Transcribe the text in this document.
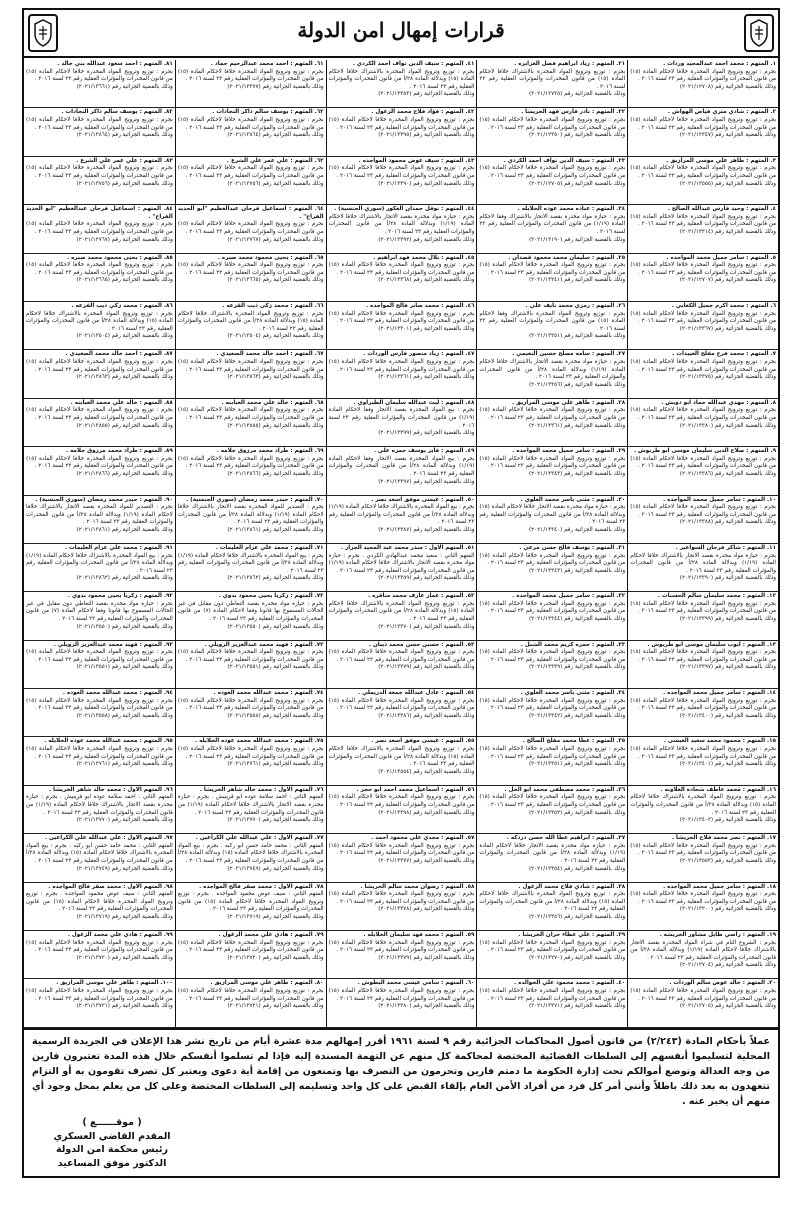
قرارات إمهال امن الدولة
١. المتهم : محمد احمد عبدالمجيد ورداث .
بجرم : توزيع وترويج المواد المخدرة خلافا لاحكام المادة (١٥) من قانون المخدرات والمؤثرات العقلية رقم ٢٣ لسنة ٢٠١٦ .
وذلك بالقضية الجزائية رقم (٢٠٢١/١٢٧٠٨)
٢. المتهم : شادي متري فياض الهواش .
بجرم : توزيع وترويج المواد المخدرة خلافا لاحكام المادة (١٥) من قانون المخدرات والمؤثرات العقلية رقم ٢٣ لسنة ٢٠١٦ .
وذلك بالقضية الجزائية رقم (٢٠٢١/١٢٣٤٧)
٣. المتهم : طاهر علي موسى المرازيق .
بجرم : توزيع وترويج المواد المخدرة خلافا لاحكام المادة (١٥) من قانون المخدرات والمؤثرات العقلية رقم ٢٣ لسنة ٢٠١٦ .
وذلك بالقضية الجزائية رقم (٢٠٢١/١٣٥٥٥)
٤. المتهم : وحيد فارس عبدالله الصالح .
بجرم : توزيع وترويج المواد المخدرة خلافا لاحكام المادة (١٥) من قانون المخدرات والمؤثرات العقلية رقم ٢٣ لسنة ٢٠١٦ .
وذلك بالقضية الجزائية رقم (٢٠٢١/١٣٣١٤)
٥. المتهم : سامر جميل محمد المواجده .
بجرم : توزيع وترويج المواد المخدرة خلافا لاحكام المادة (١٥) من قانون المخدرات والمؤثرات العقلية رقم ٢٣ لسنة ٢٠١٦ .
وذلك بالقضية الجزائية رقم (٢٠٢١/١٢٧٠٧)
٦. المتهم : محمد اكرم جميل الكعابي .
بجرم : توزيع وترويج المواد المخدرة خلافا لاحكام المادة (١٥) من قانون المخدرات والمؤثرات العقلية رقم ٢٣ لسنة ٢٠١٦ .
وذلك بالقضية الجزائية رقم (٢٠٢١/١٣٣٦٧)
٧. المتهم : محمد فرج مفلح العبيدات .
بجرم : توزيع وترويج المواد المخدرة خلافا لاحكام المادة (١٥) من قانون المخدرات والمؤثرات العقلية رقم ٢٣ لسنة ٢٠١٦ .
وذلك بالقضية الجزائية رقم (٢٠٢١/١٣٣٧٥)
٨. المتهم : مهدي عبدالله حماد ابو دويش .
بجرم : توزيع وترويج المواد المخدرة خلافا لاحكام المادة (١٥) من قانون المخدرات والمؤثرات العقلية رقم ٢٣ لسنة ٢٠١٦ .
وذلك بالقضية الجزائية رقم (٢٠٢١/١٣٣٨٠)
٩. المتهم : صلاح الدين سليمان موسى ابو طربوش .
بجرم : توزيع وترويج المواد المخدرة خلافا لاحكام المادة (١٥) من قانون المخدرات والمؤثرات العقلية رقم ٢٣ لسنة ٢٠١٦ .
وذلك بالقضية الجزائية رقم (٢٠٢١/١٣٣٨٦)
١٠. المتهم : سامر جميل محمد المواجده .
بجرم : توزيع وترويج المواد المخدرة خلافا لاحكام المادة (١٥) من قانون المخدرات والمؤثرات العقلية رقم ٢٣ لسنة ٢٠١٦ .
وذلك بالقضية الجزائية رقم (٢٠٢١/١٣٣٨٨)
١١. المتهم : شاكر فرحان السواعير .
بجرم : حيازة مواد مخدرة بقصد الاتجار بالاشتراك خلافا لاحكام المادة (١/١٩) وبدلالة المادة ٢٨/أ من قانون المخدرات والمؤثرات العقلية رقم ٢٣ لسنة ٢٠١٦ .
وذلك بالقضية الجزائية رقم (٢٠٢١/١٣٣٩٠)
١٢. المتهم : محمد سليمان سالم الحسنات .
بجرم : توزيع وترويج المواد المخدرة خلافا لاحكام المادة (١٥) من قانون المخدرات والمؤثرات العقلية رقم ٢٣ لسنة ٢٠١٦ .
وذلك بالقضية الجزائية رقم (٢٠٢١/١٣٣٩٩)
١٣. المتهم : ايوب سليمان موسى ابو طربوش .
بجرم : توزيع وترويج المواد المخدرة خلافا لاحكام المادة (١٥) من قانون المخدرات والمؤثرات العقلية رقم ٢٣ لسنة ٢٠١٦ .
وذلك بالقضية الجزائية رقم (٢٠٢١/١٣٣٩٧)
١٤. المتهم : سامر جميل محمد المواجده .
بجرم : توزيع وترويج المواد المخدرة خلافا لاحكام المادة (١٥) من قانون المخدرات والمؤثرات العقلية رقم ٢٣ لسنة ٢٠١٦ .
وذلك بالقضية الجزائية رقم (٢٠٢١/١٣٤٠٠)
١٥. المتهم : محمود محمد سعيد العيسى .
بجرم : توزيع وترويج المواد المخدرة خلافا لاحكام المادة (١٥) من قانون المخدرات والمؤثرات العقلية رقم ٢٣ لسنة ٢٠١٦ .
وذلك بالقضية الجزائية رقم (٢٠٢١/١٣٤٠١)
١٦. المتهم : محمد عاطف شحادة العلاونه .
بجرم : توزيع وترويج المواد المخدرة بالاشتراك خلافا لاحكام المادة (١٥) وبدلالة المادة ٢٨/أ من قانون المخدرات والمؤثرات العقلية رقم ٢٣ لسنة ٢٠١٦ .
وذلك بالقضية الجزائية رقم (٢٠٢١/١٣٤٠٣)
١٧. المتهم : نصر محمد فلاح الخريشا .
بجرم : توزيع وترويج المواد المخدرة خلافا لاحكام المادة (١٥) من قانون المخدرات والمؤثرات العقلية رقم ٢٣ لسنة ٢٠١٦ .
وذلك بالقضية الجزائية رقم (٢٠٢١/١٣٥٥٣)
١٨. المتهم : سامر جميل محمد المواجده .
بجرم : توزيع وترويج المواد المخدرة خلافا لاحكام المادة (١٥) من قانون المخدرات والمؤثرات العقلية رقم ٢٣ لسنة ٢٠١٦ .
وذلك بالقضية الجزائية رقم (٢٠٢١/١٣٣٠٠)
١٩. المتهم : راضي طايل مشاور الخريشه .
بجرم : الشروع التام في شراء المواد المخدرة بقصد الاتجار بالاشتراك خلافا لاحكام المادة (١/١٩) وبدلالة المادة ٢٨/أ من قانون المخدرات والمؤثرات العقلية رقم ٢٣ لسنة ٢٠١٦ .
وذلك بالقضية الجزائية رقم (٢٠٢١/١٢٧٠٤)
٢٠. المتهم : خالد عوض سالم الوردات .
بجرم : توزيع وترويج المواد المخدرة خلافا لاحكام المادة (١٥) من قانون المخدرات والمؤثرات العقلية رقم ٢٣ لسنة ٢٠١٦ .
وذلك بالقضية الجزائية رقم (٢٠٢١/١٢٧٠٥)
٢١. المتهم : زياد ابراهيم فضل العزايزه .
بجرم : توزيع وترويج المواد المخدرة بالاشتراك خلافا لاحكام المادة (١٥) من قانون المخدرات والمؤثرات العقلية رقم ٢٣ لسنة ٢٠١٦ .
وذلك بالقضية الجزائية رقم (٢٠٢١/١٢٧٣٥)
٢٢. المتهم : نادر فارس فهد الخريشا .
بجرم : توزيع وترويج المواد المخدرة خلافا لاحكام المادة (١٥) من قانون المخدرات والمؤثرات العقلية رقم ٢٣ لسنة ٢٠١٦ .
وذلك بالقضية الجزائية رقم (٢٠٢١/١٢٣٥٠)
٢٣. المتهم : سيف الدين نواف احمد الكردي .
بجرم : توزيع وترويج المواد المخدرة خلافا لاحكام المادة (١٥) من قانون المخدرات والمؤثرات العقلية رقم ٢٣ لسنة ٢٠١٦ .
وذلك بالقضية الجزائية رقم (٢٠٢١/١٢٧٠٥)
٢٤. المتهم : عباده محمد عوده الخلايله .
بجرم : حيازة مواد مخدرة بقصد الاتجار بالاشتراك وفقا لاحكام المادة (١/١٩) من قانون المخدرات والمؤثرات العقلية رقم ٢٣ لسنة ٢٠١٦ .
وذلك بالقضية الجزائية رقم (٢٠٢١/١٣١٩٠)
٢٥. المتهم : سليمان محمد محمود قصدان .
بجرم : توزيع وترويج المواد المخدرة خلافا لاحكام المادة (١٥) من قانون المخدرات والمؤثرات العقلية رقم ٢٣ لسنة ٢٠١٦ .
وذلك بالقضية الجزائية رقم (٢٠٢١/١٣٢٤١)
٢٦. المتهم : رمزي محمد نايف علي .
بجرم : توزيع وترويج المواد المخدرة بالاشتراك وفقا لاحكام المادة (١٥) من قانون المخدرات والمؤثرات العقلية رقم ٢٣ لسنة ٢٠١٦ .
وذلك بالقضية الجزائية رقم (٢٠٢١/١٣٣٥١)
٢٧. المتهم : سامه مصلح حسين النعيمي .
بجرم : حيازة مواد مخدرة بقصد الاتجار بالاشتراك خلافا لاحكام المادة (١/١٩) وبدلالة المادة ٢٨/أ من قانون المخدرات والمؤثرات العقلية رقم ٢٣ لسنة ٢٠١٦ .
وذلك بالقضية الجزائية رقم (٢٠٢١/١٣٣٥٦)
٢٨. المتهم : طاهر علي موسى المرازيق .
بجرم : توزيع وترويج المواد المخدرة خلافا لاحكام المادة (١٥) من قانون المخدرات والمؤثرات العقلية رقم ٢٣ لسنة ٢٠١٦ .
وذلك بالقضية الجزائية رقم (٢٠٢١/١٣٣٦١)
٢٩. المتهم : سامر جميل محمد المواجده .
بجرم : توزيع وترويج المواد المخدرة خلافا لاحكام المادة (١٥) من قانون المخدرات والمؤثرات العقلية رقم ٢٣ لسنة ٢٠١٦ .
وذلك بالقضية الجزائية رقم (٢٠٢١/١٣٣٤٣)
٣٠. المتهم : مثنى ياسر محمد العلوي .
بجرم : حيازة مواد مخدرة بقصد الاتجار خلافا لاحكام المادة (١٥) وبدلالة المادة ٢٨/أ من قانون المخدرات والمؤثرات العقلية رقم ٢٣ لسنة ٢٠١٦ .
وذلك بالقضية الجزائية رقم (٢٠٢١/١٣٣٤٠)
٣١. المتهم : يوسف فالح حسن مرعي .
بجرم : توزيع وترويج المواد المخدرة خلافا لاحكام المادة (١٥) من قانون المخدرات والمؤثرات العقلية رقم ٢٣ لسنة ٢٠١٦ .
وذلك بالقضية الجزائية رقم (٢٠٢١/١٣٣٤٣)
٣٢. المتهم : سامر جميل محمد المواجده .
بجرم : توزيع وترويج المواد المخدرة خلافا لاحكام المادة (١٥) من قانون المخدرات والمؤثرات العقلية رقم ٢٣ لسنة ٢٠١٦ .
وذلك بالقضية الجزائية رقم (٢٠٢١/١٣٣٤٤)
٣٣. المتهم : حمزه كريم محمد الشبل .
بجرم : توزيع وترويج المواد المخدرة خلافا لاحكام المادة (١٥) من قانون المخدرات والمؤثرات العقلية رقم ٢٣ لسنة ٢٠١٦ .
وذلك بالقضية الجزائية رقم (٢٠٢١/١٣٣٣٩)
٣٤. المتهم : مثنى ياسر محمد العلوي .
بجرم : توزيع وترويج المواد المخدرة خلافا لاحكام المادة (١٥) من قانون المخدرات والمؤثرات العقلية رقم ٢٣ لسنة ٢٠١٦ .
وذلك بالقضية الجزائية رقم (٢٠٢١/١٣٣٤٢)
٣٥. المتهم : عطا محمد مفلح الصالح .
بجرم : توزيع وترويج المواد المخدرة خلافا لاحكام المادة (١٥) من قانون المخدرات والمؤثرات العقلية رقم ٢٣ لسنة ٢٠١٦ .
وذلك بالقضية الجزائية رقم (٢٠٢١/١٣٣٥١)
٣٦. المتهم : محمد مصطفى محمد ابو الخل .
بجرم : توزيع وترويج المواد المخدرة خلافا لاحكام المادة (١٥) من قانون المخدرات والمؤثرات العقلية رقم ٢٣ لسنة ٢٠١٦ .
وذلك بالقضية الجزائية رقم (٢٠٢١/١٣٣٥٢)
٣٧. المتهم : ابراهيم عطا الله حسن دردكه .
بجرم : حيازة مواد مخدرة بقصد الاتجار خلافا لاحكام المادة (١/١٩) وبدلالة المادة ٢٨/أ من قانون المخدرات والمؤثرات العقلية رقم ٢٣ لسنة ٢٠١٦ .
وذلك بالقضية الجزائية رقم (٢٠٢١/١٣٣٥٤)
٣٨. المتهم : شادي فلاح محمد الزغول .
بجرم : توزيع وترويج المواد المخدرة بالاشتراك خلافا لاحكام المادة (١٥) وبدلالة المادة ٢٨/أ من قانون المخدرات والمؤثرات العقلية رقم ٢٣ لسنة ٢٠١٦ .
وذلك بالقضية الجزائية رقم (٢٠٢١/١٣٣٥٦)
٣٩. المتهم : علي عطاء حران الخريشا .
بجرم : توزيع وترويج المواد المخدرة خلافا لاحكام المادة (١٥) من قانون المخدرات والمؤثرات العقلية رقم ٢٣ لسنة ٢٠١٦ .
وذلك بالقضية الجزائية رقم (٢٠٢١/١٣٢٧٠)
٤٠. المتهم : محمد محمود علي الخوالده .
بجرم : توزيع وترويج المواد المخدرة خلافا لاحكام المادة (١٥) من قانون المخدرات والمؤثرات العقلية رقم ٢٣ لسنة ٢٠١٦ .
وذلك بالقضية الجزائية رقم (٢٠٢١/١٣٣٧١)
٤١. المتهم : سيف الدين نواف احمد الكردي .
بجرم : توزيع وترويج المواد المخدرة بالاشتراك خلافا لاحكام المادة (١٥) وبدلالة المادة ٢٨/أ من قانون المخدرات والمؤثرات العقلية رقم ٢٣ لسنة ٢٠١٦ .
وذلك بالقضية الجزائية رقم (٢٠٢١/١٣٣٥٣)
٤٢. المتهم : فؤاد فلاح محمد الزغول .
بجرم : توزيع وترويج المواد المخدرة خلافا لاحكام المادة (١٥) من قانون المخدرات والمؤثرات العقلية رقم ٢٣ لسنة ٢٠١٦ .
وذلك بالقضية الجزائية رقم (٢٠٢١/١٣٣٩٥)
٤٣. المتهم : سيف عوض محمود المواجده .
بجرم : توزيع وترويج المواد المخدرة خلافا لاحكام المادة (١٥) من قانون المخدرات والمؤثرات العقلية رقم ٢٣ لسنة ٢٠١٦ .
وذلك بالقضية الجزائية رقم (٢٠٢١/١٣٣٩٠)
٤٤. المتهم : نوفل حمدان العكور (سوري الجنسية) .
بجرم : حيازة مواد مخدرة بقصد الاتجار بالاشتراك خلافا لاحكام المادة (١/١٩) وبدلالة المادة ٢٨/أ من قانون المخدرات والمؤثرات العقلية رقم ٢٣ لسنة ٢٠١٦ .
وذلك بالقضية الجزائية رقم (٢٠٢١/١٣٣٩٢)
٤٥. المتهم : بلال محمد فهد ابراهيم .
بجرم : توزيع وترويج المواد المخدرة خلافا لاحكام المادة (١٥) من قانون المخدرات والمؤثرات العقلية رقم ٢٣ لسنة ٢٠١٦ .
وذلك بالقضية الجزائية رقم (٢٠٢١/١٣٣٦٨)
٤٦. المتهم : محمد صابر فالح المواجده .
بجرم : توزيع وترويج المواد المخدرة خلافا لاحكام المادة (١٥) من قانون المخدرات والمؤثرات العقلية رقم ٢٣ لسنة ٢٠١٦ .
وذلك بالقضية الجزائية رقم (٢٠٢١/١٣٣٠١)
٤٧. المتهم : زياد منصور فارس الوردات .
بجرم : توزيع وترويج المواد المخدرة خلافا لاحكام المادة (١٥) من قانون المخدرات والمؤثرات العقلية رقم ٢٣ لسنة ٢٠١٦ .
وذلك بالقضية الجزائية رقم (٢٠٢١/١٣٣٦١)
٤٨. المتهم : ليث عبدالله سليمان الطيراوي .
بجرم : بيع المواد المخدرة بقصد الاتجار وفقا لاحكام المادة (١/١٩) من قانون المخدرات والمؤثرات العقلية رقم ٢٣ لسنة ٢٠١٦ .
وذلك بالقضية الجزائية رقم (٢٠٢١/١٣٣٩٩)
٤٩. المتهم : فايز يوسف حمزه علي .
بجرم : بيع المواد المخدرة بقصد الاتجار وفقا لاحكام المادة (١/١٩) وبدلالة المادة ٢٨/أ من قانون المخدرات والمؤثرات العقلية رقم ٢٣ لسنة ٢٠١٦ .
وذلك بالقضية الجزائية رقم (٢٠٢١/١٣٣٩٧)
٥٠. المتهم : عيسى موفق اسعد نصر .
بجرم : بيع المواد المخدرة بالاشتراك خلافا لاحكام المادة (١/١٩) وبدلالة المادة ٢٨/أ من قانون المخدرات والمؤثرات العقلية رقم ٢٣ لسنة ٢٠١٦ .
وذلك بالقضية الجزائية رقم (٢٠٢١/١٣٣٨٧)
٥١. المتهم الاول : منذر محمد عبد المجيد الجزار .
المتهم الثاني : سعيد محمد عبدالهادي الكردي . بجرم : حيازة مواد مخدرة بقصد الاتجار بالاشتراك خلافا لاحكام المادة (١/١٩) من قانون المخدرات والمؤثرات العقلية رقم ٢٣ لسنة ٢٠١٦ .
وذلك بالقضية الجزائية رقم (٢٠٢١/١٣٣٥٩)
٥٢. المتهم : عمار عارف محمد مناقره .
بجرم : توزيع وترويج المواد المخدرة بالاشتراك خلافا لاحكام المادة (١٥) وبدلالة المادة ٢٨/أ من قانون المخدرات والمؤثرات العقلية رقم ٢٣ لسنة ٢٠١٦ .
وذلك بالقضية الجزائية رقم (٢٠٢١/١٣٣٧٠)
٥٣. المتهم : حسين حسن محمد ذيبان .
بجرم : توزيع وترويج المواد المخدرة خلافا لاحكام المادة (١٥) من قانون المخدرات والمؤثرات العقلية رقم ٢٣ لسنة ٢٠١٦ .
وذلك بالقضية الجزائية رقم (٢٠٢١/١٣٣٧٩)
٥٤. المتهم : عادل عبدالله جمعة الدريملي .
بجرم : توزيع وترويج المواد المخدرة خلافا لاحكام المادة (١٥) من قانون المخدرات والمؤثرات العقلية رقم ٢٣ لسنة ٢٠١٦ .
وذلك بالقضية الجزائية رقم (٢٠٢١/١٣٣٨٦)
٥٥. المتهم : عيسى موفق اسعد نصر .
بجرم : توزيع وترويج المواد المخدرة بالاشتراك خلافا لاحكام المادة (١٥) وبدلالة المادة ٢٨/أ من قانون المخدرات والمؤثرات العقلية رقم ٢٣ لسنة ٢٠١٦ .
وذلك بالقضية الجزائية رقم (٢٠٢١/١٣٥٥٤)
٥٦. المتهم : اسماعيل محمد احمد ابو حجر .
بجرم : توزيع وترويج المواد المخدرة خلافا لاحكام المادة (١٥) من قانون المخدرات والمؤثرات العقلية رقم ٢٣ لسنة ٢٠١٦ .
وذلك بالقضية الجزائية رقم (٢٠٢١/١٣٣٩٨)
٥٧. المتهم : مجدي علي محمود احمد .
بجرم : توزيع وترويج المواد المخدرة خلافا لاحكام المادة (١٥) من قانون المخدرات والمؤثرات العقلية رقم ٢٣ لسنة ٢٠١٦ .
وذلك بالقضية الجزائية رقم (٢٠٢١/١٣٣٧٧)
٥٨. المتهم : رضوان محمد سالم الخريشا .
بجرم : توزيع وترويج المواد المخدرة خلافا لاحكام المادة (١٥) من قانون المخدرات والمؤثرات العقلية رقم ٢٣ لسنة ٢٠١٦ .
وذلك بالقضية الجزائية رقم (٢٠٢١/١٣٣٧٨)
٥٩. المتهم : محمد فهد سليمان الخلايله .
بجرم : توزيع وترويج المواد المخدرة خلافا لاحكام المادة (١٥) من قانون المخدرات والمؤثرات العقلية رقم ٢٣ لسنة ٢٠١٦ .
وذلك بالقضية الجزائية رقم (٢٠٢١/١٣٣٧٩)
٦٠. المتهم : سامي عيسى محمد البطوش .
بجرم : توزيع وترويج المواد المخدرة خلافا لاحكام المادة (١٥) من قانون المخدرات والمؤثرات العقلية رقم ٢٣ لسنة ٢٠١٦ .
وذلك بالقضية الجزائية رقم (٢٠٢١/١٣٣٨٠)
٦١. المتهم : احمد محمد عبدالرحيم حماد .
بجرم : توزيع وترويج المواد المخدرة خلافا لاحكام المادة (١٥) من قانون المخدرات والمؤثرات العقلية رقم ٢٣ لسنة ٢٠١٦ .
وذلك بالقضية الجزائية رقم (٢٠٢١/١٣٣٧٧)
٦٢. المتهم : يوسف سالم ذاكر النجادات .
بجرم : توزيع وترويج المواد المخدرة خلافا لاحكام المادة (١٥) من قانون المخدرات والمؤثرات العقلية رقم ٢٣ لسنة ٢٠١٦ .
وذلك بالقضية الجزائية رقم (٢٠٢١/١٣٨٦٤)
٦٣. المتهم : علي عمر علي الشرع .
بجرم : توزيع وترويج المواد المخدرة خلافا لاحكام المادة (١٥) من قانون المخدرات والمؤثرات العقلية رقم ٢٣ لسنة ٢٠١٦ .
وذلك بالقضية الجزائية رقم (٢٠٢١/١٣٧٥٦)
٦٤. المتهم : اسماعيل فرحان عبدالعظيم "ابو الحديد الفراج" .
بجرم : توزيع وترويج المواد المخدرة خلافا لاحكام المادة (١٥) من قانون المخدرات والمؤثرات العقلية رقم ٢٣ لسنة ٢٠١٦ .
وذلك بالقضية الجزائية رقم (٢٠٢١/١٣٧٦٧)
٦٥. المتهم : يحيى محمود محمد صبره .
بجرم : توزيع وترويج المواد المخدرة خلافا لاحكام المادة (١٥) من قانون المخدرات والمؤثرات العقلية رقم ٢٣ لسنة ٢٠١٦ .
وذلك بالقضية الجزائية رقم (٢٠٢١/١٣٦٦٥)
٦٦. المتهم : محمد زكي ذيب القزعه .
بجرم : توزيع وترويج المواد المخدرة بالاشتراك خلافا لاحكام المادة (١٥) وبدلالة المادة ٢٨/أ من قانون المخدرات والمؤثرات العقلية رقم ٢٣ لسنة ٢٠١٦ .
وذلك بالقضية الجزائية رقم (٢٠٢١/١٣٥٠٤)
٦٧. المتهم : احمد خالد محمد الصعيدي .
بجرم : توزيع وترويج المواد المخدرة خلافا لاحكام المادة (١٥) من قانون المخدرات والمؤثرات العقلية رقم ٢٣ لسنة ٢٠١٦ .
وذلك بالقضية الجزائية رقم (٢٠٢١/١٣٨٦٣)
٦٨. المتهم : خالد علي محمد العبابنه .
بجرم : توزيع وترويج المواد المخدرة خلافا لاحكام المادة (١٥) من قانون المخدرات والمؤثرات العقلية رقم ٢٣ لسنة ٢٠١٦ .
وذلك بالقضية الجزائية رقم (٢٠٢١/١٣٨٥٥)
٦٩. المتهم : طراد محمد مرزوق جلامه .
بجرم : توزيع وترويج المواد المخدرة خلافا لاحكام المادة (١٥) من قانون المخدرات والمؤثرات العقلية رقم ٢٣ لسنة ٢٠١٦ .
وذلك بالقضية الجزائية رقم (٢٠٢١/١٣٨٦٦)
٧٠. المتهم : حيدر محمد رمضان (سوري الجنسية) .
بجرم : التصدير للمواد المخدرة بقصد الاتجار بالاشتراك خلافا لاحكام المادة (١/١٩) وبدلالة المادة ٢٨/أ من قانون المخدرات والمؤثرات العقلية رقم ٢٣ لسنة ٢٠١٦ .
وذلك بالقضية الجزائية رقم (٢٠٢١/١٣٨٦١)
٧١. المتهم : محمد علي عزام العليمات .
بجرم : بيع المواد المخدرة بالاشتراك خلافا لاحكام المادة (١/١٩) وبدلالة المادة ٢٨/أ من قانون المخدرات والمؤثرات العقلية رقم ٢٣ لسنة ٢٠١٦ .
وذلك بالقضية الجزائية رقم (٢٠٢١/١٣٨٦٢)
٧٢. المتهم : زكريا يحيى محمود بدوي .
بجرم : حيازة مواد مخدرة بقصد التعاطي دون مقابل في غير الحالات المسموح بها قانونا وفقا لاحكام المادة (٧) من قانون المخدرات والمؤثرات العقلية رقم ٢٣ لسنة ٢٠١٦ .
وذلك بالقضية الجزائية رقم (٢٠٢١/١٣٥٥٠)
٧٣. المتهم : فهيد محمد عبدالعزيز الرويلي .
بجرم : توزيع وترويج المواد المخدرة خلافا لاحكام المادة (١٥) من قانون المخدرات والمؤثرات العقلية رقم ٢٣ لسنة ٢٠١٦ .
وذلك بالقضية الجزائية رقم (٢٠٢١/١٣٥٥١)
٧٤. المتهم : محمد عبدالله محمد العوده .
بجرم : توزيع وترويج المواد المخدرة خلافا لاحكام المادة (١٥) من قانون المخدرات والمؤثرات العقلية رقم ٢٣ لسنة ٢٠١٦ .
وذلك بالقضية الجزائية رقم (٢٠٢١/١٣٥٥٨)
٧٥. المتهم : محمد عبدالله محمد عوده الخلايله .
بجرم : توزيع وترويج المواد المخدرة خلافا لاحكام المادة (١٥) من قانون المخدرات والمؤثرات العقلية رقم ٢٣ لسنة ٢٠١٦ .
وذلك بالقضية الجزائية رقم (٢٠٢١/١٣٧٦١)
٧٦. المتهم الاول : محمد خالد شاهر الخريشا .
المتهم الثاني : احمد سلامة عوده ابو قرينيش . بجرم : حيازة مخدرة بقصد الاتجار بالاشتراك خلافا لاحكام المادة (١/١٩) من قانون المخدرات والمؤثرات العقلية رقم ٢٣ لسنة ٢٠١٦ .
وذلك بالقضية الجزائية رقم (٢٠٢١/١٣٧٧٠)
٧٧. المتهم الاول : علي عبدالله علي الكراعين .
المتهم الثاني : محمد حامد حسن ابو ركبه . بجرم : بيع المواد المخدرة بالاشتراك خلافا لاحكام المادة (١٥) وبدلالة المادة ٢٨/أ من قانون المخدرات والمؤثرات العقلية رقم ٢٣ لسنة ٢٠١٦ .
وذلك بالقضية الجزائية رقم (٢٠٢١/١٣٧٤٩)
٧٨. المتهم الاول : محمد صقر فالح المواجده .
المتهم الثاني : سيف عوض محمود المواجده . بجرم : توزيع وترويج المواد المخدرة خلافا لاحكام المادة (١٥) من قانون المخدرات والمؤثرات العقلية رقم ٢٣ لسنة ٢٠١٦ .
وذلك بالقضية الجزائية رقم (٢٠٢١/١٣٧١٩)
٧٩. المتهم : هادي علي محمد الزغول .
بجرم : توزيع وترويج المواد المخدرة خلافا لاحكام المادة (١٥) من قانون المخدرات والمؤثرات العقلية رقم ٢٣ لسنة ٢٠١٦ .
وذلك بالقضية الجزائية رقم (٢٠٢١/١٣٧٢٠)
٨٠. المتهم : طاهر علي موسى المرازيق .
بجرم : توزيع وترويج المواد المخدرة خلافا لاحكام المادة (١٥) من قانون المخدرات والمؤثرات العقلية رقم ٢٣ لسنة ٢٠١٦ .
وذلك بالقضية الجزائية رقم (٢٠٢١/١٣٧٢١)
٨١. المتهم : احمد سعود عبدالله بني خالد .
بجرم : توزيع وترويج المواد المخدرة خلافا لاحكام المادة (١٥) من قانون المخدرات والمؤثرات العقلية رقم ٢٣ لسنة ٢٠١٦ .
وذلك بالقضية الجزائية رقم (٢٠٢١/١٣٦٦١)
٨٢. المتهم : يوسف سالم ذاكر النجادات .
بجرم : توزيع وترويج المواد المخدرة خلافا لاحكام المادة (١٥) من قانون المخدرات والمؤثرات العقلية رقم ٢٣ لسنة ٢٠١٦ .
وذلك بالقضية الجزائية رقم (٢٠٢١/١٣٨٦٤)
٨٣. المتهم : علي عمر علي الشرع .
بجرم : توزيع وترويج المواد المخدرة خلافا لاحكام المادة (١٥) من قانون المخدرات والمؤثرات العقلية رقم ٢٣ لسنة ٢٠١٦ .
وذلك بالقضية الجزائية رقم (٢٠٢١/١٣٧٥٦)
٨٤. المتهم : اسماعيل فرحان عبدالعظيم "ابو الحديد الفراج" .
بجرم : توزيع وترويج المواد المخدرة خلافا لاحكام المادة (١٥) من قانون المخدرات والمؤثرات العقلية رقم ٢٣ لسنة ٢٠١٦ .
وذلك بالقضية الجزائية رقم (٢٠٢١/١٣٧٦٧)
٨٥. المتهم : يحيى محمود محمد صبره .
بجرم : توزيع وترويج المواد المخدرة خلافا لاحكام المادة (١٥) من قانون المخدرات والمؤثرات العقلية رقم ٢٣ لسنة ٢٠١٦ .
وذلك بالقضية الجزائية رقم (٢٠٢١/١٣٦٦٥)
٨٦. المتهم : محمد زكي ذيب القزعه .
بجرم : توزيع وترويج المواد المخدرة بالاشتراك خلافا لاحكام المادة (١٥) وبدلالة المادة ٢٨/أ من قانون المخدرات والمؤثرات العقلية رقم ٢٣ لسنة ٢٠١٦ .
وذلك بالقضية الجزائية رقم (٢٠٢١/١٣٥٠٤)
٨٧. المتهم : احمد خالد محمد الصعيدي .
بجرم : توزيع وترويج المواد المخدرة خلافا لاحكام المادة (١٥) من قانون المخدرات والمؤثرات العقلية رقم ٢٣ لسنة ٢٠١٦ .
وذلك بالقضية الجزائية رقم (٢٠٢١/١٣٨٦٣)
٨٨. المتهم : خالد علي محمد العبابنه .
بجرم : توزيع وترويج المواد المخدرة خلافا لاحكام المادة (١٥) من قانون المخدرات والمؤثرات العقلية رقم ٢٣ لسنة ٢٠١٦ .
وذلك بالقضية الجزائية رقم (٢٠٢١/١٣٨٥٥)
٨٩. المتهم : طراد محمد مرزوق جلامه .
بجرم : توزيع وترويج المواد المخدرة خلافا لاحكام المادة (١٥) من قانون المخدرات والمؤثرات العقلية رقم ٢٣ لسنة ٢٠١٦ .
وذلك بالقضية الجزائية رقم (٢٠٢١/١٣٨٦٦)
٩٠. المتهم : حيدر محمد رمضان (سوري الجنسية) .
بجرم : التصدير للمواد المخدرة بقصد الاتجار بالاشتراك خلافا لاحكام المادة (١/١٩) وبدلالة المادة ٢٨/أ من قانون المخدرات والمؤثرات العقلية رقم ٢٣ لسنة ٢٠١٦ .
وذلك بالقضية الجزائية رقم (٢٠٢١/١٣٨٦١)
٩١. المتهم : محمد علي عزام العليمات .
بجرم : بيع المواد المخدرة بالاشتراك خلافا لاحكام المادة (١/١٩) وبدلالة المادة ٢٨/أ من قانون المخدرات والمؤثرات العقلية رقم ٢٣ لسنة ٢٠١٦ .
وذلك بالقضية الجزائية رقم (٢٠٢١/١٣٨٦٢)
٩٢. المتهم : زكريا يحيى محمود بدوي .
بجرم : حيازة مواد مخدرة بقصد التعاطي دون مقابل في غير الحالات المسموح بها قانونا وفقا لاحكام المادة (٧) من قانون المخدرات والمؤثرات العقلية رقم ٢٣ لسنة ٢٠١٦ .
وذلك بالقضية الجزائية رقم (٢٠٢١/١٣٥٥٠)
٩٣. المتهم : فهيد محمد عبدالعزيز الرويلي .
بجرم : توزيع وترويج المواد المخدرة خلافا لاحكام المادة (١٥) من قانون المخدرات والمؤثرات العقلية رقم ٢٣ لسنة ٢٠١٦ .
وذلك بالقضية الجزائية رقم (٢٠٢١/١٣٥٥١)
٩٤. المتهم : محمد عبدالله محمد العوده .
بجرم : توزيع وترويج المواد المخدرة خلافا لاحكام المادة (١٥) من قانون المخدرات والمؤثرات العقلية رقم ٢٣ لسنة ٢٠١٦ .
وذلك بالقضية الجزائية رقم (٢٠٢١/١٣٥٥٨)
٩٥. المتهم : محمد عبدالله محمد عوده الخلايله .
بجرم : توزيع وترويج المواد المخدرة خلافا لاحكام المادة (١٥) من قانون المخدرات والمؤثرات العقلية رقم ٢٣ لسنة ٢٠١٦ .
وذلك بالقضية الجزائية رقم (٢٠٢١/١٣٧٦١)
٩٦. المتهم الاول : محمد خالد شاهر الخريشا .
المتهم الثاني : احمد سلامة عوده ابو قرينيش . بجرم : حيازة مخدرة بقصد الاتجار بالاشتراك خلافا لاحكام المادة (١/١٩) من قانون المخدرات والمؤثرات العقلية رقم ٢٣ لسنة ٢٠١٦ .
وذلك بالقضية الجزائية رقم (٢٠٢١/١٣٧٧٠)
٩٧. المتهم الاول : علي عبدالله علي الكراعين .
المتهم الثاني : محمد حامد حسن ابو ركبه . بجرم : بيع المواد المخدرة بالاشتراك خلافا لاحكام المادة (١٥) وبدلالة المادة ٢٨/أ من قانون المخدرات والمؤثرات العقلية رقم ٢٣ لسنة ٢٠١٦ .
وذلك بالقضية الجزائية رقم (٢٠٢١/١٣٧٤٩)
٩٨. المتهم الاول : محمد صقر فالح المواجده .
المتهم الثاني : سيف عوض محمود المواجده . بجرم : توزيع وترويج المواد المخدرة خلافا لاحكام المادة (١٥) من قانون المخدرات والمؤثرات العقلية رقم ٢٣ لسنة ٢٠١٦ .
وذلك بالقضية الجزائية رقم (٢٠٢١/١٣٧١٩)
٩٩. المتهم : هادي علي محمد الزغول .
بجرم : توزيع وترويج المواد المخدرة خلافا لاحكام المادة (١٥) من قانون المخدرات والمؤثرات العقلية رقم ٢٣ لسنة ٢٠١٦ .
وذلك بالقضية الجزائية رقم (٢٠٢١/١٣٧٢٠)
١٠٠. المتهم : طاهر علي موسى المرازيق .
بجرم : توزيع وترويج المواد المخدرة خلافا لاحكام المادة (١٥) من قانون المخدرات والمؤثرات العقلية رقم ٢٣ لسنة ٢٠١٦ .
وذلك بالقضية الجزائية رقم (٢٠٢١/١٣٧٢١)

عملاً بأحكام المادة (٢/٢٤٣) من قانون أصول المحاكمات الجزائية رقم ٩ لسنة ١٩٦١ أقرر إمهالهم مدة عشرة أيام من تاريخ نشر هذا الإعلان في الجريدة الرسمية المحلية لتسليموا أنفسهم إلى السلطات القضائية المختصة لمحاكمة كل منهم عن التهمة المسندة إليه فإذا لم تسلموا أنفسكم خلال هذه المدة تعتبرون فارين من وجه العدالة وتوضع أموالكم تحت إدارة الحكومة ما دمتم فارين وتحرمون من التصرف بها وتمنعون من إقامة أية دعوى ويعتبر كل تصرف تقومون به أو التزام تتعهدون به بعد ذلك باطلاً وأنني أمر كل فرد من أفراد الأمن العام بإلقاء القبض على كل واحد وتسليمه إلى السلطات المختصة وعلى كل من يعلم بمحل وجود أي منهم أن يخبر عنه .

( موقــــــع )
المقدم القاضي العسكري
رئيس محكمة امن الدولة
الدكتور موفق المساعيد
